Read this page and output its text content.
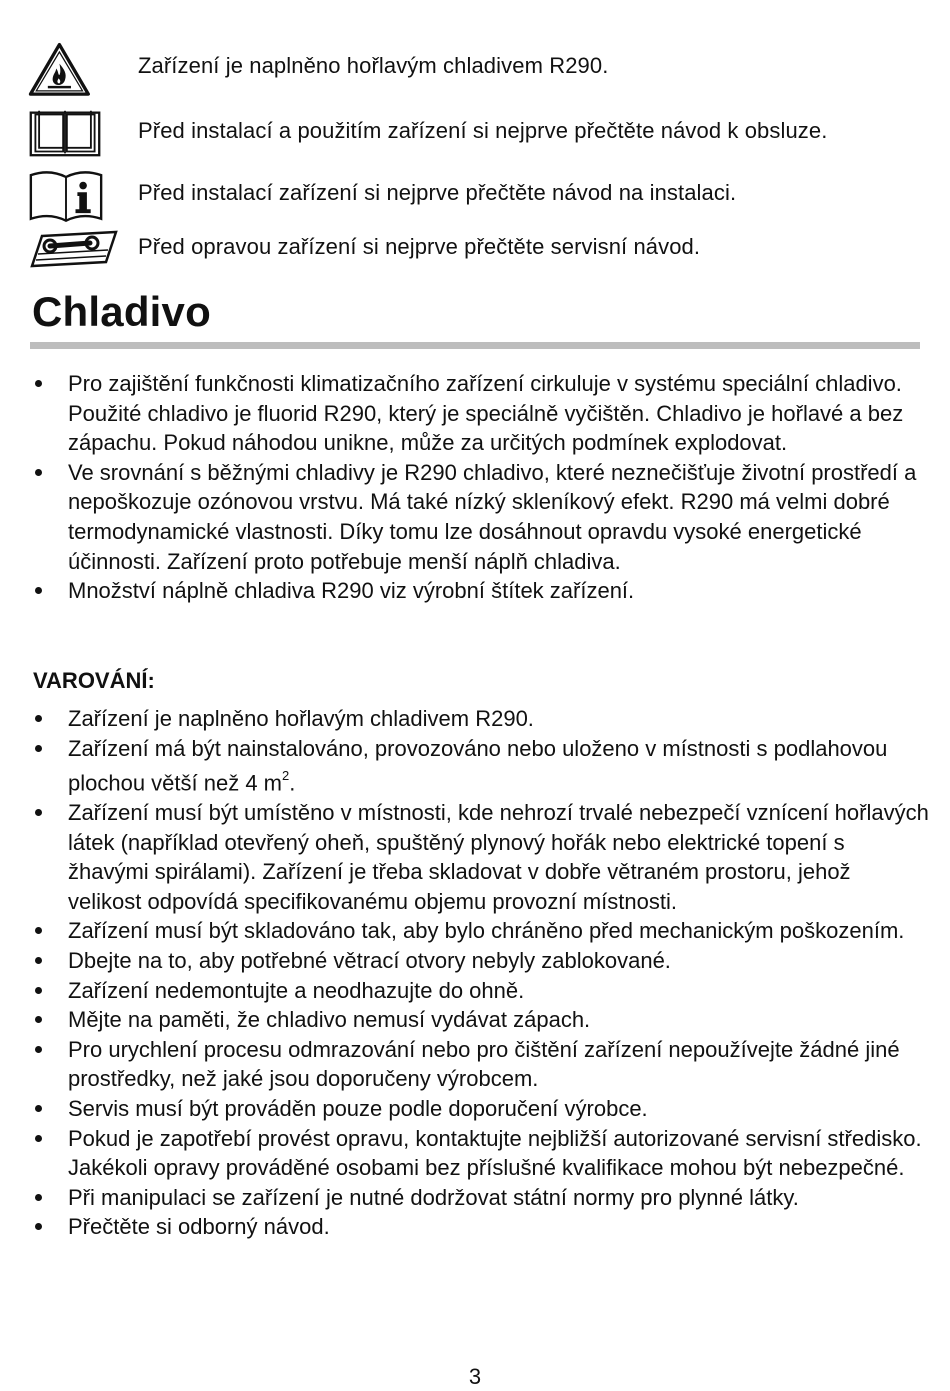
Zařízení je naplněno hořlavým chladivem R290.
Před instalací a použitím zařízení si nejprve přečtěte návod k obsluze.
Před instalací zařízení si nejprve přečtěte návod na instalaci.
Před opravou zařízení si nejprve přečtěte servisní návod.
Chladivo
Pro zajištění funkčnosti klimatizačního zařízení cirkuluje v systému speciální chladivo. Použité chladivo je fluorid R290, který je speciálně vyčištěn. Chladivo je hořlavé a bez zápachu. Pokud náhodou unikne, může za určitých podmínek explodovat.
Ve srovnání s běžnými chladivy je R290 chladivo, které neznečišťuje životní prostředí a nepoškozuje ozónovou vrstvu. Má také nízký skleníkový efekt. R290 má velmi dobré termodynamické vlastnosti. Díky tomu lze dosáhnout opravdu vysoké energetické účinnosti. Zařízení proto potřebuje menší náplň chladiva.
Množství náplně chladiva R290 viz výrobní štítek zařízení.
VAROVÁNÍ:
Zařízení je naplněno hořlavým chladivem R290.
Zařízení má být nainstalováno, provozováno nebo uloženo v místnosti s podlahovou plochou větší než 4 $m^2$.
Zařízení musí být umístěno v místnosti, kde nehrozí trvalé nebezpečí vznícení hořlavých látek (například otevřený oheň, spuštěný plynový hořák nebo elektrické topení s žhavými spirálami). Zařízení je třeba skladovat v dobře větraném prostoru, jehož velikost odpovídá specifikovanému objemu provozní místnosti.
Zařízení musí být skladováno tak, aby bylo chráněno před mechanickým poškozením.
Dbejte na to, aby potřebné větrací otvory nebyly zablokované.
Zařízení nedemontujte a neodhazujte do ohně.
Mějte na paměti, že chladivo nemusí vydávat zápach.
Pro urychlení procesu odmrazování nebo pro čištění zařízení nepoužívejte žádné jiné prostředky, než jaké jsou doporučeny výrobcem.
Servis musí být prováděn pouze podle doporučení výrobce.
Pokud je zapotřebí provést opravu, kontaktujte nejbližší autorizované servisní středisko. Jakékoli opravy prováděné osobami bez příslušné kvalifikace mohou být nebezpečné.
Při manipulaci se zařízení je nutné dodržovat státní normy pro plynné látky.
Přečtěte si odborný návod.
3
